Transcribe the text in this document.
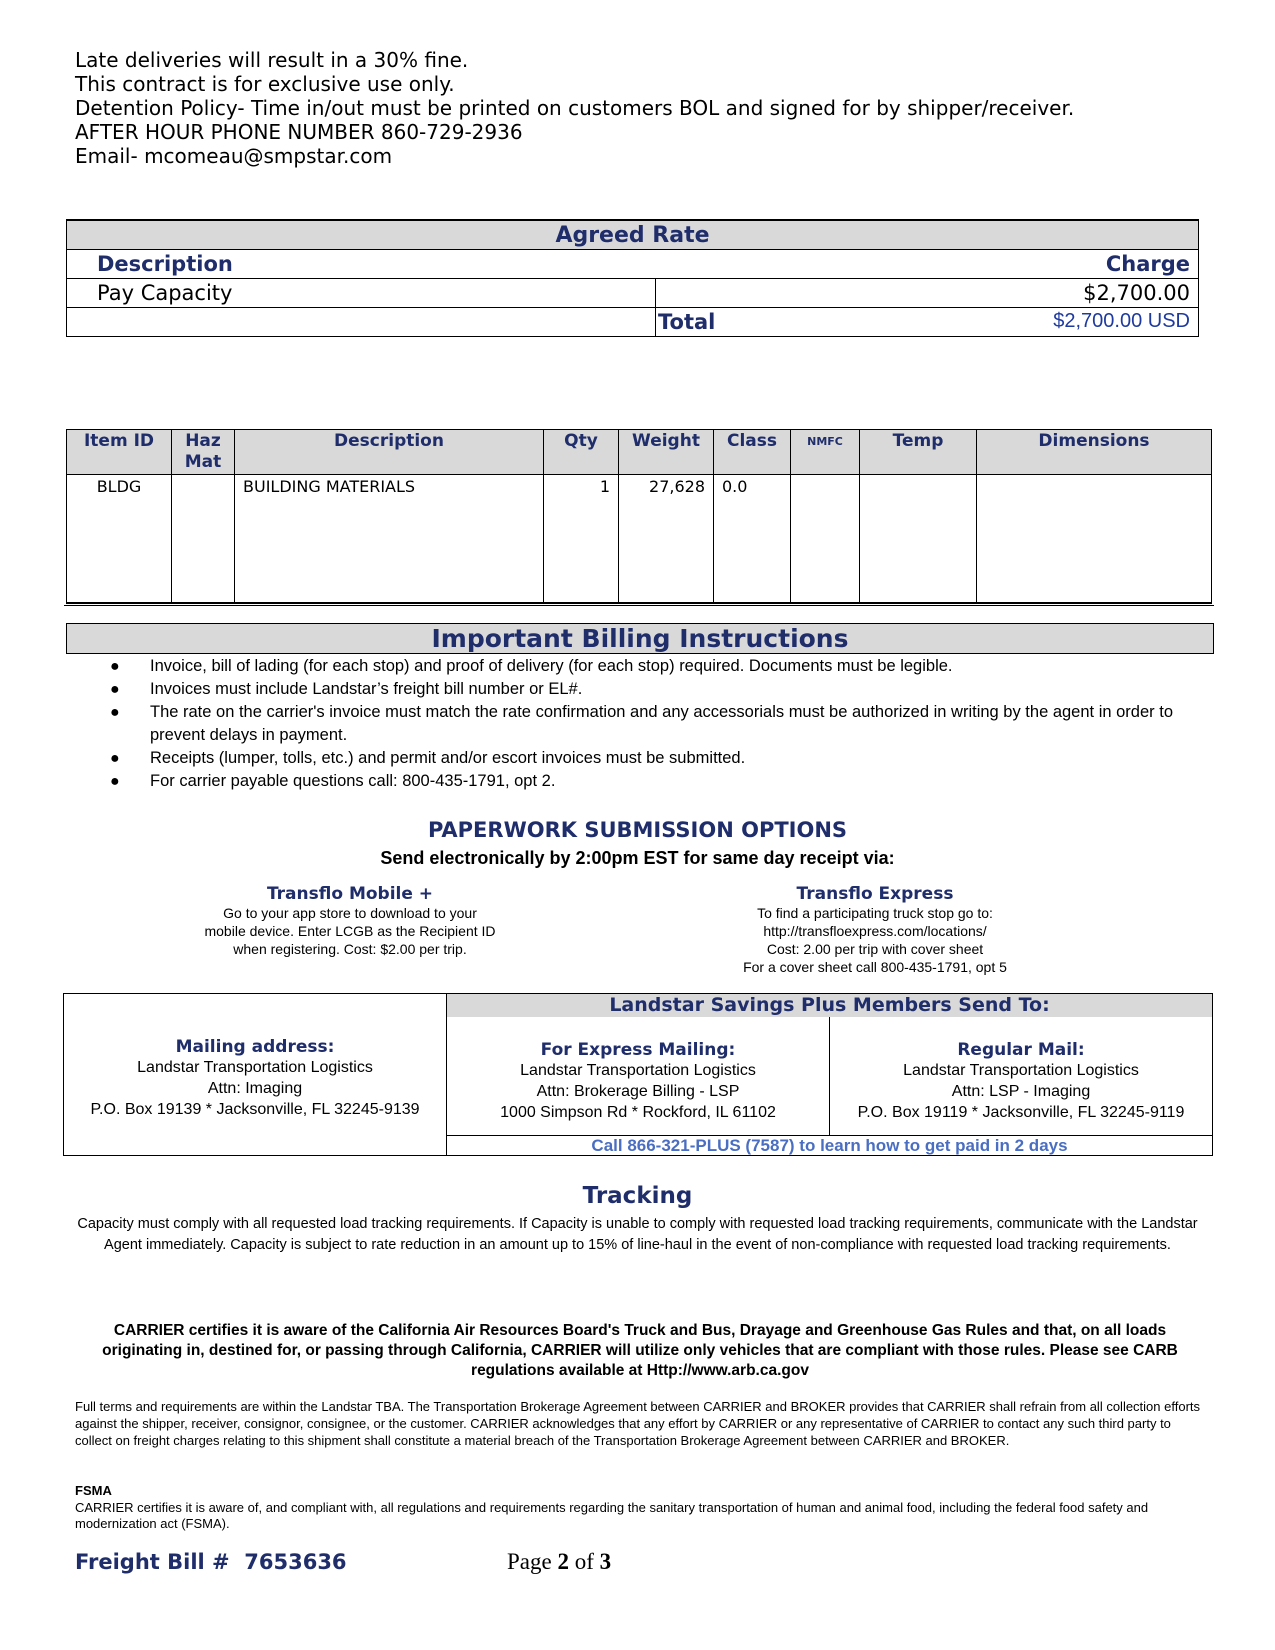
Late deliveries will result in a 30% fine.
This contract is for exclusive use only.
Detention Policy- Time in/out must be printed on customers BOL and signed for by shipper/receiver.
AFTER HOUR PHONE NUMBER 860-729-2936
Email- mcomeau@smpstar.com
Agreed Rate	
Description Charge	

Pay Capacity	$2,700.00
	Total $2,700.00 USD
Item ID	Haz Mat	Description	Qty	Weight	Class	NMFC	Temp	Dimensions
BLDG		BUILDING MATERIALS	1	27,628	0.0			
Important Billing Instructions
● Invoice, bill of lading (for each stop) and proof of delivery (for each stop) required. Documents must be legible.
● Invoices must include Landstar’s freight bill number or EL#.
● The rate on the carrier's invoice must match the rate confirmation and any accessorials must be authorized in writing by the agent in order to prevent delays in payment.
● Receipts (lumper, tolls, etc.) and permit and/or escort invoices must be submitted.
● For carrier payable questions call: 800-435-1791, opt 2.
PAPERWORK SUBMISSION OPTIONS
Send electronically by 2:00pm EST for same day receipt via:
Transflo Mobile +
Go to your app store to download to your
mobile device. Enter LCGB as the Recipient ID
when registering. Cost: $2.00 per trip.
Transflo Express
To find a participating truck stop go to:
http://transfloexpress.com/locations/
Cost: 2.00 per trip with cover sheet
For a cover sheet call 800-435-1791, opt 5
Mailing address:
Landstar Transportation Logistics
Attn: Imaging
P.O. Box 19139 * Jacksonville, FL 32245-9139
Landstar Savings Plus Members Send To:
For Express Mailing:
Landstar Transportation Logistics
Attn: Brokerage Billing - LSP
1000 Simpson Rd * Rockford, IL 61102
Regular Mail:
Landstar Transportation Logistics
Attn: LSP - Imaging
P.O. Box 19119 * Jacksonville, FL 32245-9119
Call 866-321-PLUS (7587) to learn how to get paid in 2 days
Tracking
Capacity must comply with all requested load tracking requirements. If Capacity is unable to comply with requested load tracking requirements, communicate with the Landstar Agent immediately. Capacity is subject to rate reduction in an amount up to 15% of line-haul in the event of non-compliance with requested load tracking requirements.
CARRIER certifies it is aware of the California Air Resources Board's Truck and Bus, Drayage and Greenhouse Gas Rules and that, on all loads originating in, destined for, or passing through California, CARRIER will utilize only vehicles that are compliant with those rules. Please see CARB regulations available at Http://www.arb.ca.gov
Full terms and requirements are within the Landstar TBA. The Transportation Brokerage Agreement between CARRIER and BROKER provides that CARRIER shall refrain from all collection efforts against the shipper, receiver, consignor, consignee, or the customer. CARRIER acknowledges that any effort by CARRIER or any representative of CARRIER to contact any such third party to collect on freight charges relating to this shipment shall constitute a material breach of the Transportation Brokerage Agreement between CARRIER and BROKER.
FSMA
CARRIER certifies it is aware of, and compliant with, all regulations and requirements regarding the sanitary transportation of human and animal food, including the federal food safety and modernization act (FSMA).
Freight Bill # 7653636	Page 2 of 3
